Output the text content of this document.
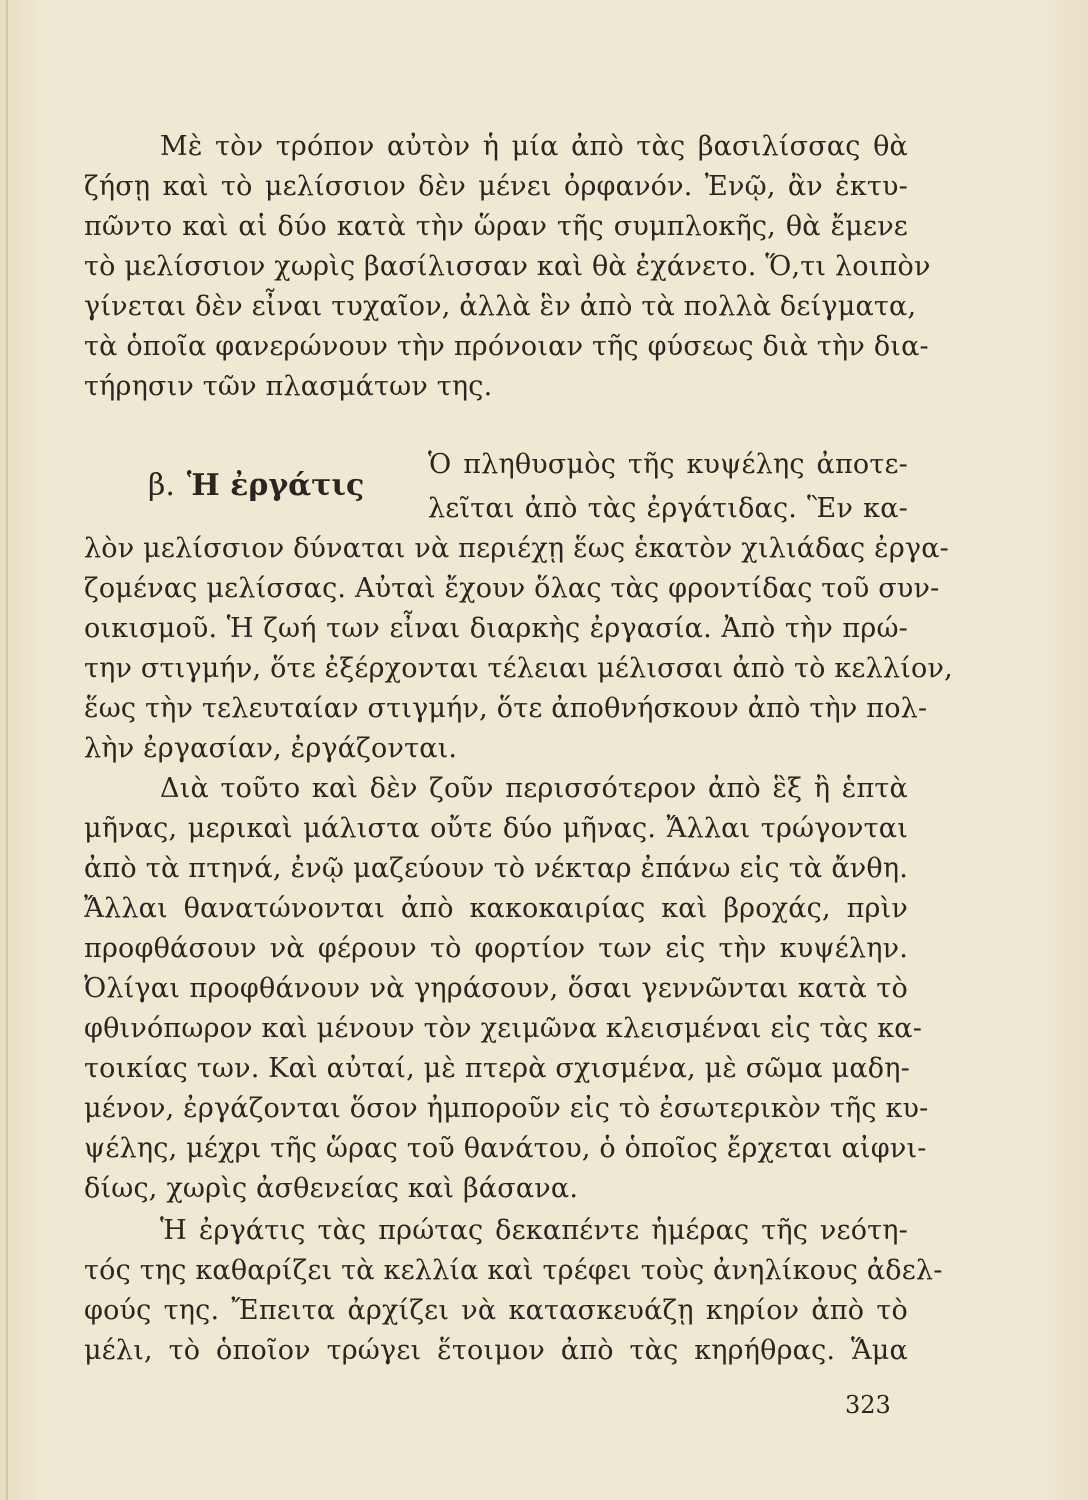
Μὲ τὸν τρόπον αὐτὸν ἡ μία ἀπὸ τὰς βασιλίσσας θὰ
ζήσῃ καὶ τὸ μελίσσιον δὲν μένει ὀρφανόν. Ἐνῷ, ἂν ἐκτυ-
πῶντο καὶ αἱ δύο κατὰ τὴν ὥραν τῆς συμπλοκῆς, θὰ ἔμενε
τὸ μελίσσιον χωρὶς βασίλισσαν καὶ θὰ ἐχάνετο. Ὅ,τι λοιπὸν
γίνεται δὲν εἶναι τυχαῖον, ἀλλὰ ἓν ἀπὸ τὰ πολλὰ δείγματα,
τὰ ὁποῖα φανερώνουν τὴν πρόνοιαν τῆς φύσεως διὰ τὴν δια-
τήρησιν τῶν πλασμάτων της.
β. Ἡ ἐργάτις
Ὁ πληθυσμὸς τῆς κυψέλης ἀποτε-
λεῖται ἀπὸ τὰς ἐργάτιδας. Ἓν κα-
λὸν μελίσσιον δύναται νὰ περιέχῃ ἕως ἑκατὸν χιλιάδας ἐργα-
ζομένας μελίσσας. Αὐταὶ ἔχουν ὅλας τὰς φροντίδας τοῦ συν-
οικισμοῦ. Ἡ ζωή των εἶναι διαρκὴς ἐργασία. Ἀπὸ τὴν πρώ-
την στιγμήν, ὅτε ἐξέρχονται τέλειαι μέλισσαι ἀπὸ τὸ κελλίον,
ἕως τὴν τελευταίαν στιγμήν, ὅτε ἀποθνήσκουν ἀπὸ τὴν πολ-
λὴν ἐργασίαν, ἐργάζονται.
Διὰ τοῦτο καὶ δὲν ζοῦν περισσότερον ἀπὸ ἓξ ἢ ἑπτὰ
μῆνας, μερικαὶ μάλιστα οὔτε δύο μῆνας. Ἄλλαι τρώγονται
ἀπὸ τὰ πτηνά, ἐνῷ μαζεύουν τὸ νέκταρ ἐπάνω εἰς τὰ ἄνθη.
Ἄλλαι θανατώνονται ἀπὸ κακοκαιρίας καὶ βροχάς, πρὶν
προφθάσουν νὰ φέρουν τὸ φορτίον των εἰς τὴν κυψέλην.
Ὀλίγαι προφθάνουν νὰ γηράσουν, ὅσαι γεννῶνται κατὰ τὸ
φθινόπωρον καὶ μένουν τὸν χειμῶνα κλεισμέναι εἰς τὰς κα-
τοικίας των. Καὶ αὐταί, μὲ πτερὰ σχισμένα, μὲ σῶμα μαδη-
μένον, ἐργάζονται ὅσον ἠμποροῦν εἰς τὸ ἐσωτερικὸν τῆς κυ-
ψέλης, μέχρι τῆς ὥρας τοῦ θανάτου, ὁ ὁποῖος ἔρχεται αἰφνι-
δίως, χωρὶς ἀσθενείας καὶ βάσανα.
Ἡ ἐργάτις τὰς πρώτας δεκαπέντε ἡμέρας τῆς νεότη-
τός της καθαρίζει τὰ κελλία καὶ τρέφει τοὺς ἀνηλίκους ἀδελ-
φούς της. Ἔπειτα ἀρχίζει νὰ κατασκευάζῃ κηρίον ἀπὸ τὸ
μέλι, τὸ ὁποῖον τρώγει ἕτοιμον ἀπὸ τὰς κηρήθρας. Ἅμα
323
